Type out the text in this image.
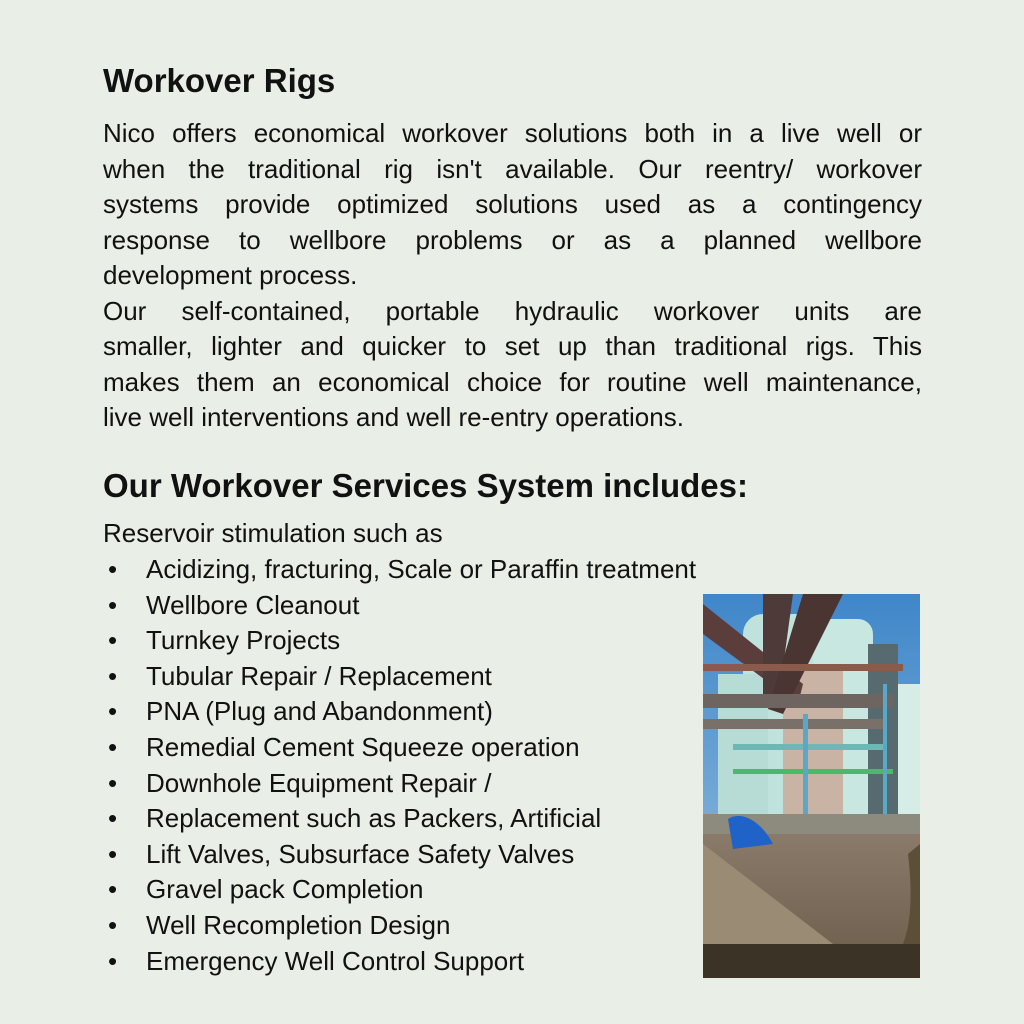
Workover Rigs
Nico offers economical workover solutions both in a live well or
when the traditional rig isn't available. Our reentry/ workover
systems provide optimized solutions used as a contingency
response to wellbore problems or as a planned wellbore
development process.
Our self-contained, portable hydraulic workover units are
smaller, lighter and quicker to set up than traditional rigs. This
makes them an economical choice for routine well maintenance,
live well interventions and well re-entry operations.
Our Workover Services System includes:
Reservoir stimulation such as
• Acidizing, fracturing, Scale or Paraffin treatment
• Wellbore Cleanout
• Turnkey Projects
• Tubular Repair / Replacement
• PNA (Plug and Abandonment)
• Remedial Cement Squeeze operation
• Downhole Equipment Repair /
• Replacement such as Packers, Artificial
• Lift Valves, Subsurface Safety Valves
• Gravel pack Completion
• Well Recompletion Design
• Emergency Well Control Support
